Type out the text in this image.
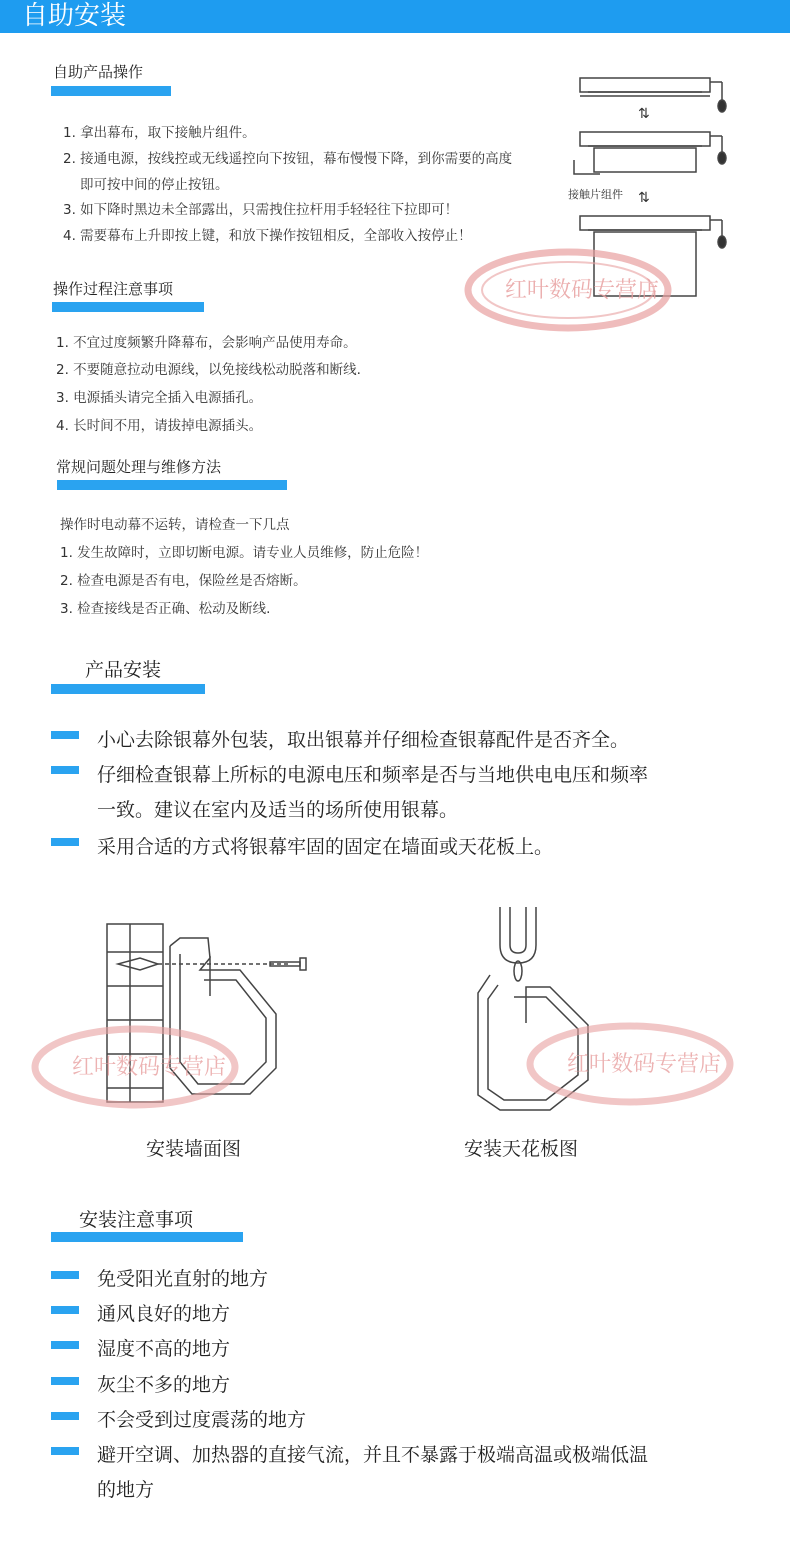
自助安装
自助产品操作
1. 拿出幕布，取下接触片组件。
2. 接通电源，按线控或无线遥控向下按钮，幕布慢慢下降，到你需要的高度
即可按中间的停止按钮。
3. 如下降时黑边未全部露出，只需拽住拉杆用手轻轻往下拉即可！
4. 需要幕布上升即按上键，和放下操作按钮相反，全部收入按停止！
⇅
⇅
接触片组件
红叶数码专营店
操作过程注意事项
1. 不宜过度频繁升降幕布，会影响产品使用寿命。
2. 不要随意拉动电源线，以免接线松动脱落和断线.
3. 电源插头请完全插入电源插孔。
4. 长时间不用，请拔掉电源插头。
常规问题处理与维修方法
操作时电动幕不运转，请检查一下几点
1. 发生故障时，立即切断电源。请专业人员维修，防止危险！
2. 检查电源是否有电，保险丝是否熔断。
3. 检查接线是否正确、松动及断线.
产品安装
小心去除银幕外包装，取出银幕并仔细检查银幕配件是否齐全。
仔细检查银幕上所标的电源电压和频率是否与当地供电电压和频率
一致。建议在室内及适当的场所使用银幕。
采用合适的方式将银幕牢固的固定在墙面或天花板上。
红叶数码专营店	红叶数码专营店
安装墙面图	安装天花板图
安装注意事项
免受阳光直射的地方
通风良好的地方
湿度不高的地方
灰尘不多的地方
不会受到过度震荡的地方
避开空调、加热器的直接气流，并且不暴露于极端高温或极端低温
的地方
